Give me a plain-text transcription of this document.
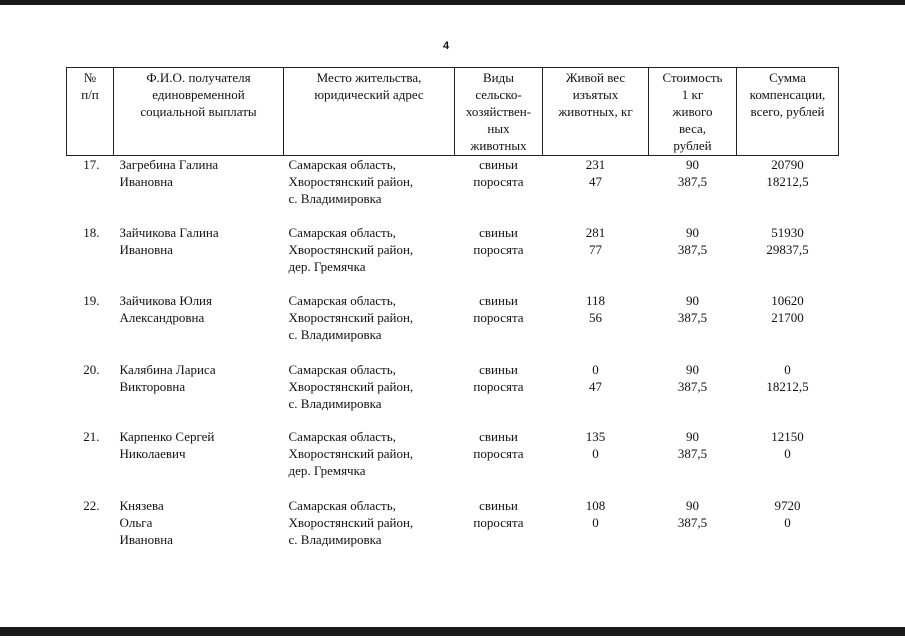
4
№
п/п	Ф.И.О. получателя
единовременной
социальной выплаты	Место жительства,
юридический адрес	Виды
сельско-
хозяйствен-
ных
животных	Живой вес
изъятых
животных, кг	Стоимость
1 кг
живого
веса,
рублей	Сумма
компенсации,
всего, рублей
17.	Загребина Галина
Ивановна	Самарская область,
Хворостянский район,
с. Владимировка	свиньи
поросята	231
47	90
387,5	20790
18212,5
18.	Зайчикова Галина
Ивановна	Самарская область,
Хворостянский район,
дер. Гремячка	свиньи
поросята	281
77	90
387,5	51930
29837,5
19.	Зайчикова Юлия
Александровна	Самарская область,
Хворостянский район,
с. Владимировка	свиньи
поросята	118
56	90
387,5	10620
21700
20.	Калябина Лариса
Викторовна	Самарская область,
Хворостянский район,
с. Владимировка	свиньи
поросята	0
47	90
387,5	0
18212,5
21.	Карпенко Сергей
Николаевич	Самарская область,
Хворостянский район,
дер. Гремячка	свиньи
поросята	135
0	90
387,5	12150
0
22.	Князева
Ольга
Ивановна	Самарская область,
Хворостянский район,
с. Владимировка	свиньи
поросята	108
0	90
387,5	9720
0
